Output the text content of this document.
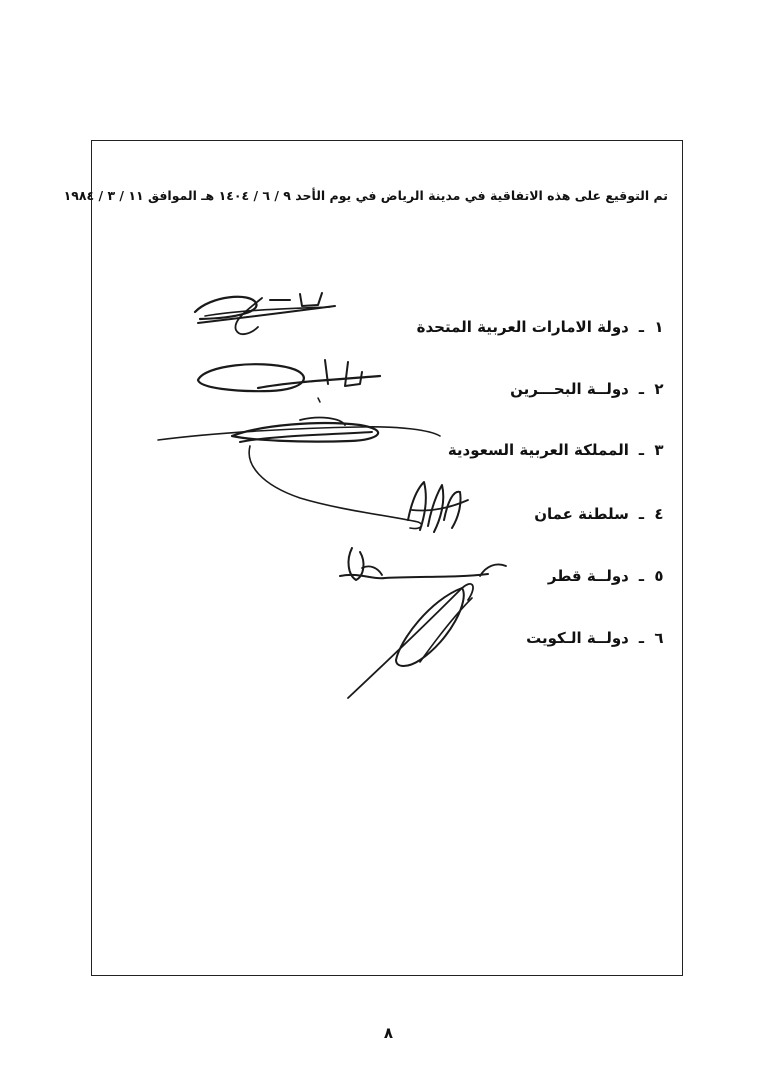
تم التوقيع على هذه الاتفاقية في مدينة الرياض في يوم الأحد ٩ / ٦ / ١٤٠٤ هـ الموافق ١١ / ٣ / ١٩٨٤
١
ـ
دولة الامارات العربية المتحدة
٢
ـ
دولــة البحـــرين
٣
ـ
المملكة العربية السعودية
٤
ـ
سلطنة عمان
٥
ـ
دولــة قطر
٦
ـ
دولــة الـكويت
٨
